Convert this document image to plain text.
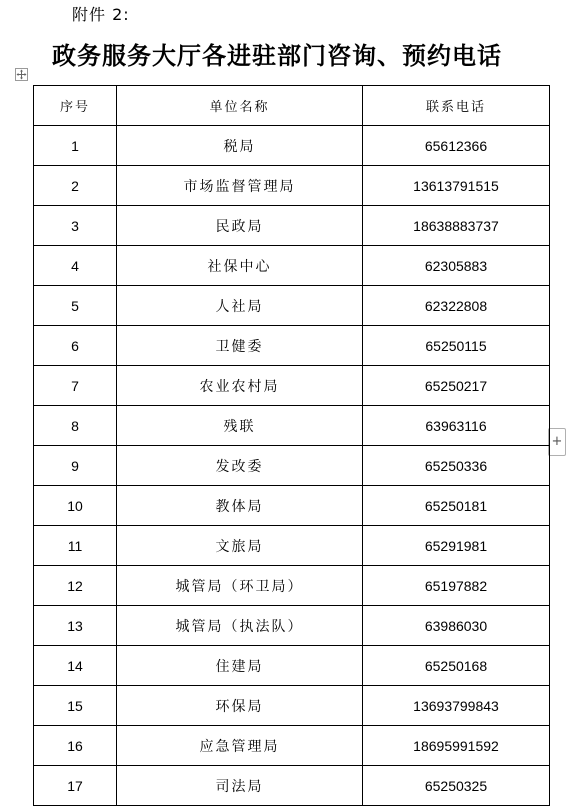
附件 2:
政务服务大厅各进驻部门咨询、预约电话
+
序号	单位名称	联系电话
1	税局	65612366
2	市场监督管理局	13613791515
3	民政局	18638883737
4	社保中心	62305883
5	人社局	62322808
6	卫健委	65250115
7	农业农村局	65250217
8	残联	63963116
9	发改委	65250336
10	教体局	65250181
11	文旅局	65291981
12	城管局（环卫局）	65197882
13	城管局（执法队）	63986030
14	住建局	65250168
15	环保局	13693799843
16	应急管理局	18695991592
17	司法局	65250325
